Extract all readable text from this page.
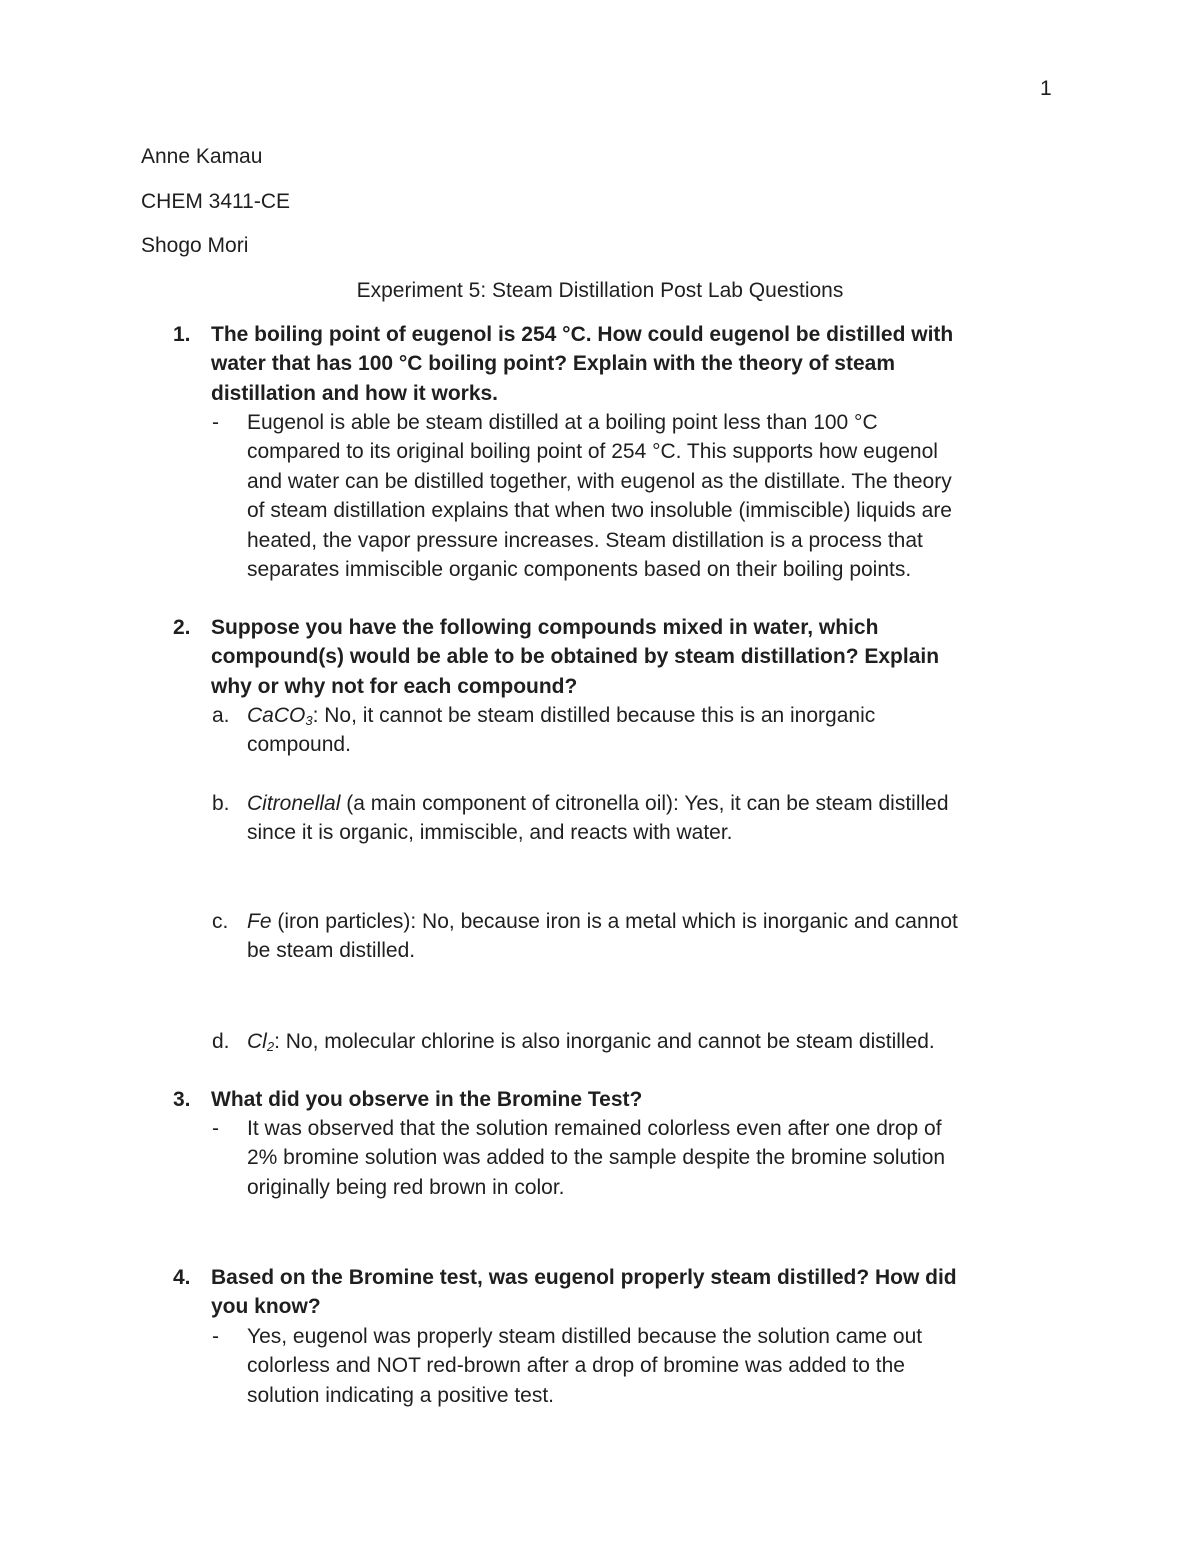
1
Anne Kamau
CHEM 3411-CE
Shogo Mori
Experiment 5: Steam Distillation Post Lab Questions
1. The boiling point of eugenol is 254 °C. How could eugenol be distilled with
water that has 100 °C boiling point? Explain with the theory of steam
distillation and how it works.
- Eugenol is able be steam distilled at a boiling point less than 100 °C
compared to its original boiling point of 254 °C. This supports how eugenol
and water can be distilled together, with eugenol as the distillate. The theory
of steam distillation explains that when two insoluble (immiscible) liquids are
heated, the vapor pressure increases. Steam distillation is a process that
separates immiscible organic components based on their boiling points.
2. Suppose you have the following compounds mixed in water, which
compound(s) would be able to be obtained by steam distillation? Explain
why or why not for each compound?
a. CaCO$_3$: No, it cannot be steam distilled because this is an inorganic
compound.
b. Citronellal (a main component of citronella oil): Yes, it can be steam distilled
since it is organic, immiscible, and reacts with water.
c. Fe (iron particles): No, because iron is a metal which is inorganic and cannot
be steam distilled.
d. $Cl_2$: No, molecular chlorine is also inorganic and cannot be steam distilled.
3. What did you observe in the Bromine Test?
- It was observed that the solution remained colorless even after one drop of
2% bromine solution was added to the sample despite the bromine solution
originally being red brown in color.
4. Based on the Bromine test, was eugenol properly steam distilled? How did
you know?
- Yes, eugenol was properly steam distilled because the solution came out
colorless and NOT red-brown after a drop of bromine was added to the
solution indicating a positive test.
